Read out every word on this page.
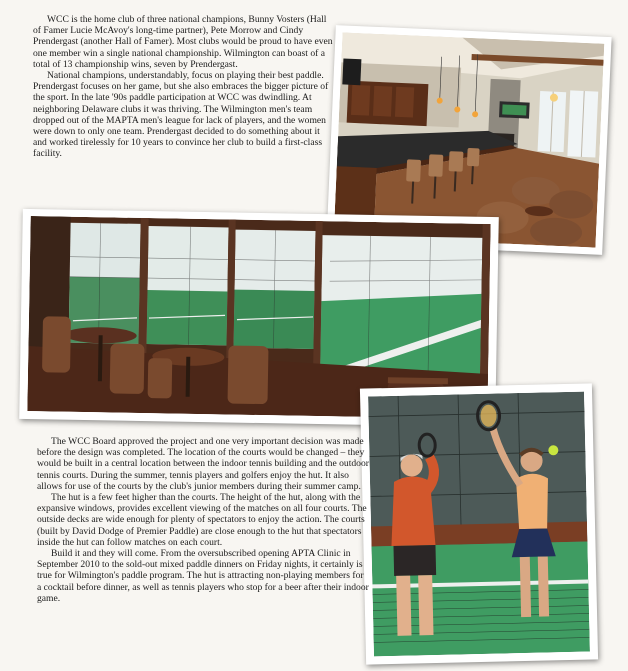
WCC is the home club of three national champions, Bunny Vosters (Hall of Famer Lucie McAvoy's long-time partner), Pete Morrow and Cindy Prendergast (another Hall of Famer). Most clubs would be proud to have even one member win a single national championship. Wilmington can boast of a total of 13 championship wins, seven by Prendergast.

National champions, understandably, focus on playing their best paddle. Prendergast focuses on her game, but she also embraces the bigger picture of the sport. In the late '90s paddle participation at WCC was dwindling. At neighboring Delaware clubs it was thriving. The Wilmington men's team dropped out of the MAPTA men's league for lack of players, and the women were down to only one team. Prendergast decided to do something about it and worked tirelessly for 10 years to convince her club to build a first-class facility.

The WCC Board approved the project and one very important decision was made before the design was completed. The location of the courts would be changed – they would be built in a central location between the indoor tennis building and the outdoor tennis courts. During the summer, tennis players and golfers enjoy the hut. It also allows for use of the courts by the club's junior members during their summer camp.

The hut is a few feet higher than the courts. The height of the hut, along with the expansive windows, provides excellent viewing of the matches on all four courts. The outside decks are wide enough for plenty of spectators to enjoy the action. The courts (built by David Dodge of Premier Paddle) are close enough to the hut that spectators inside the hut can follow matches on each court.

Build it and they will come. From the oversubscribed opening APTA Clinic in September 2010 to the sold-out mixed paddle dinners on Friday nights, it certainly is true for Wilmington's paddle program. The hut is attracting non-playing members for a cocktail before dinner, as well as tennis players who stop for a beer after their indoor game.
